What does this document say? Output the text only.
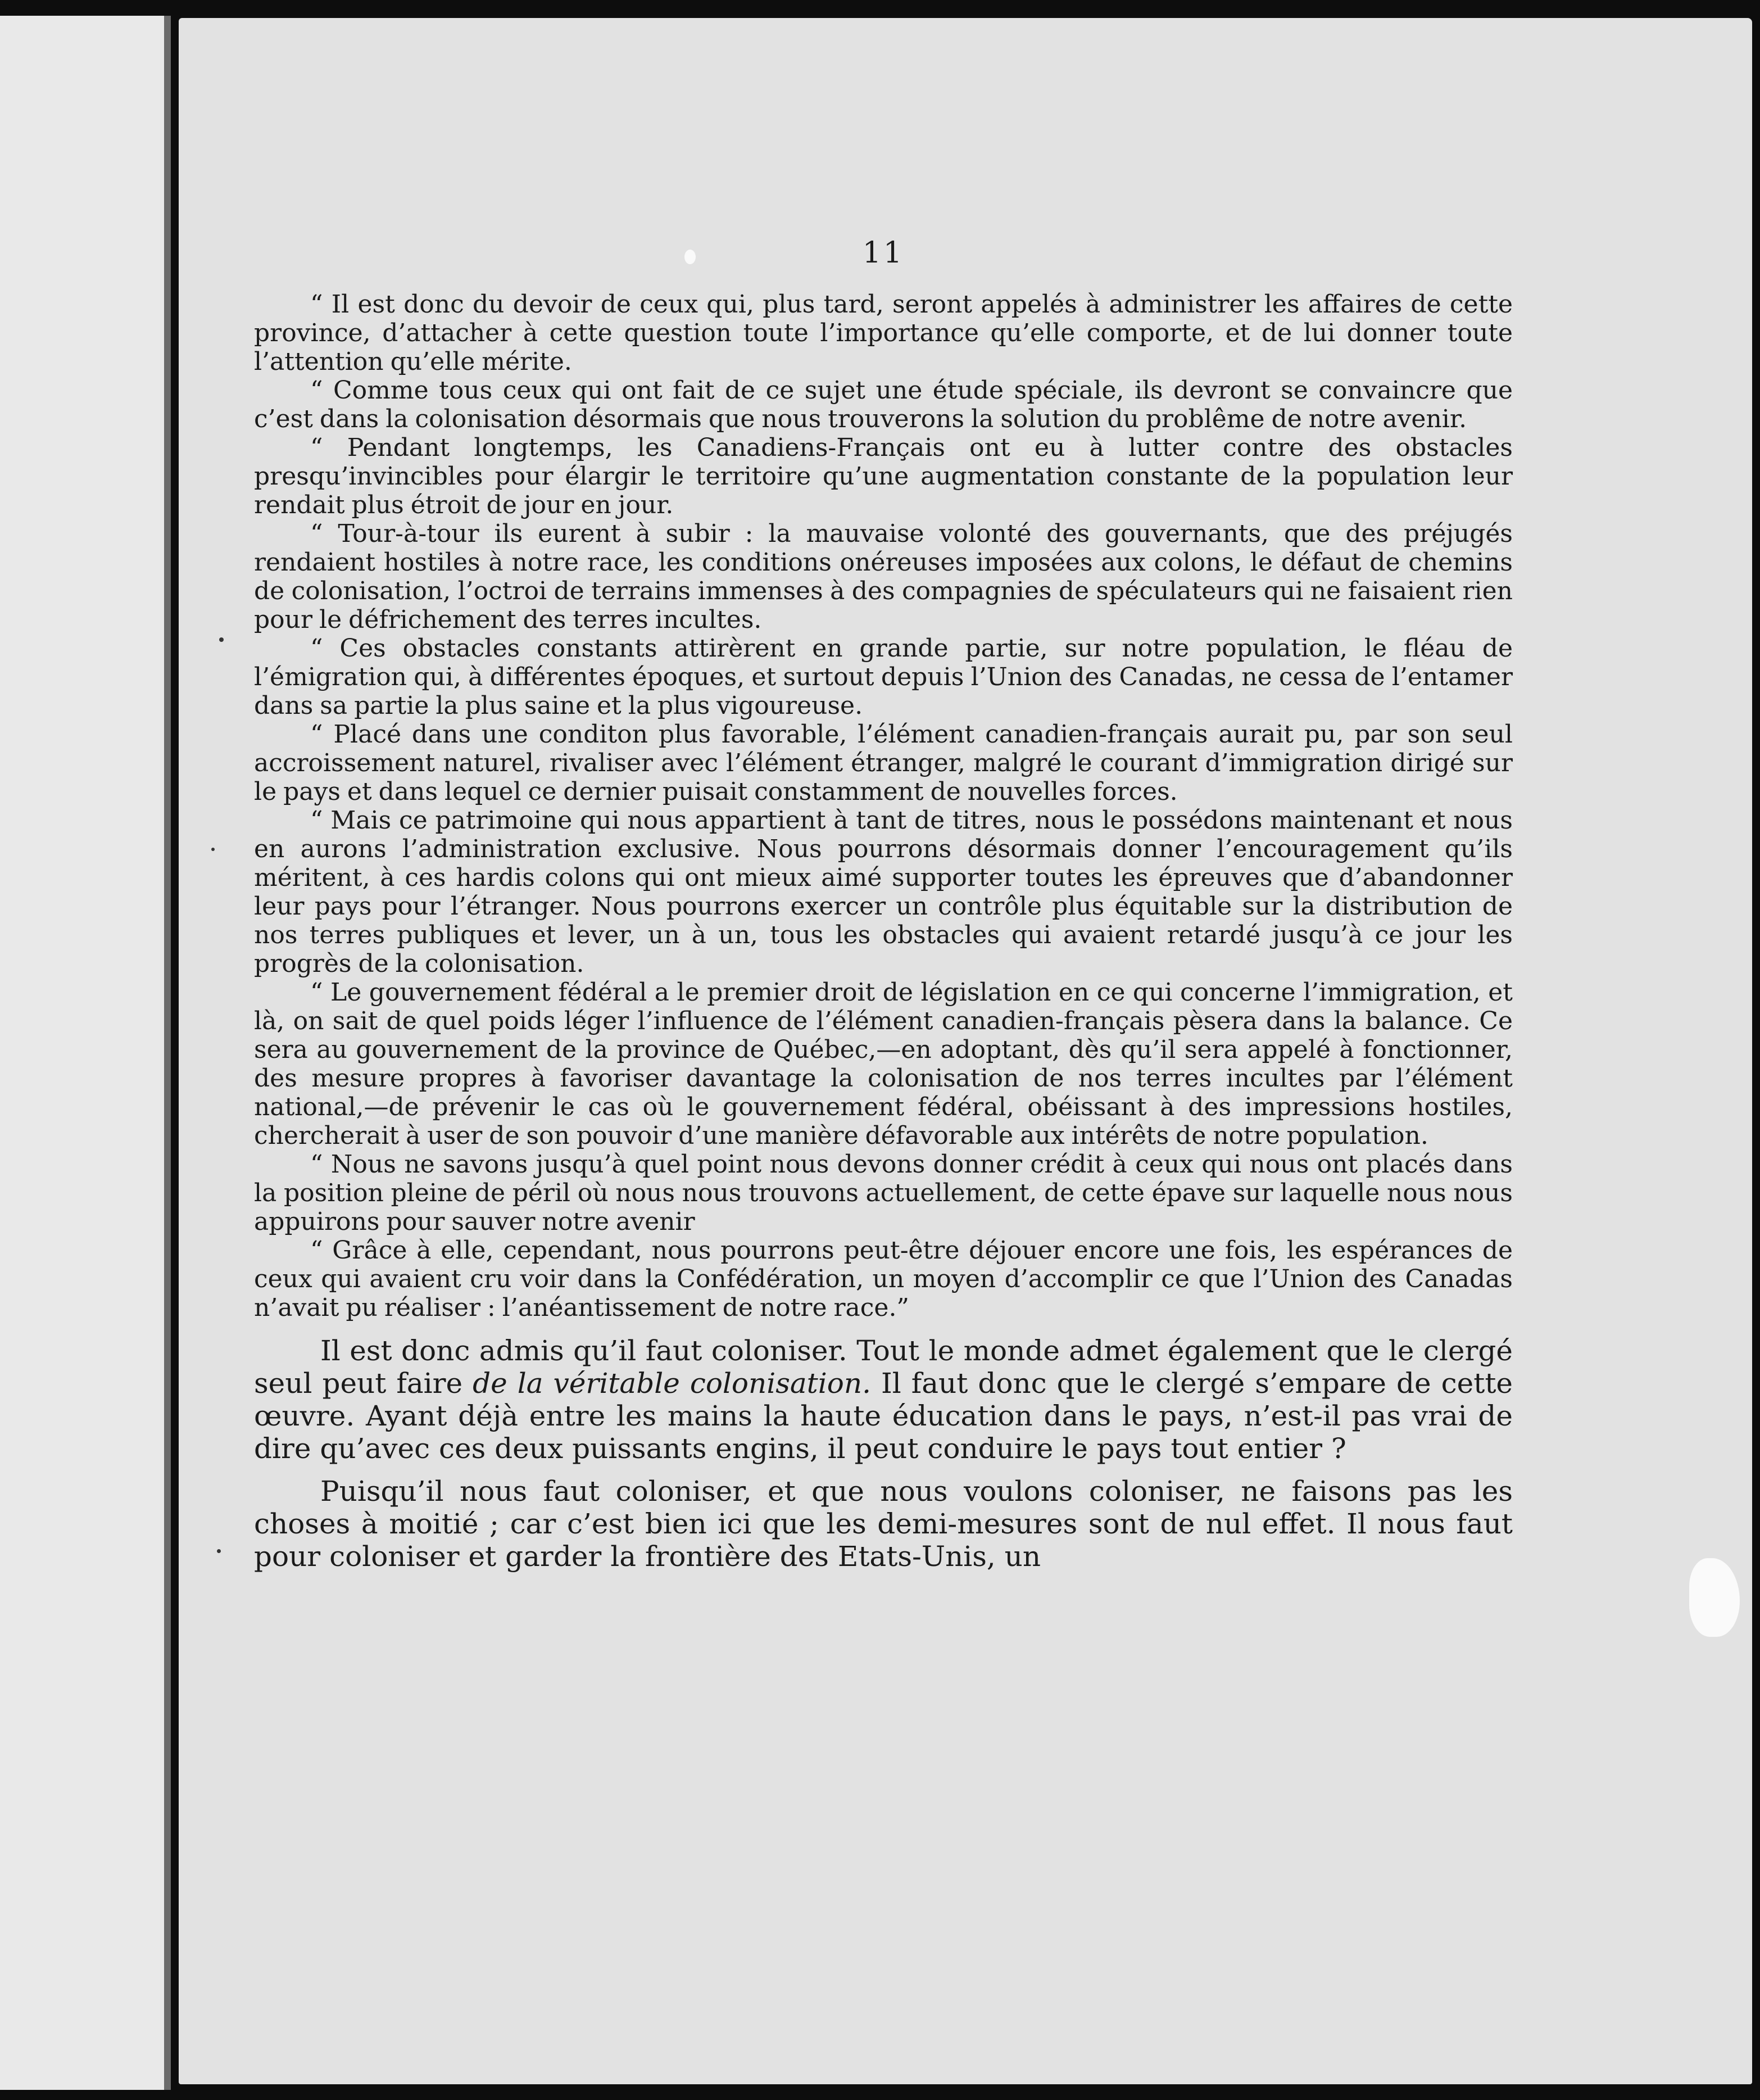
11

“ Il est donc du devoir de ceux qui, plus tard, seront appelés à administrer les affaires de cette province, d’attacher à cette question toute l’importance qu’elle comporte, et de lui donner toute l’attention qu’elle mérite.

“ Comme tous ceux qui ont fait de ce sujet une étude spéciale, ils devront se convaincre que c’est dans la colonisation désormais que nous trouverons la solution du problême de notre avenir.

“ Pendant longtemps, les Canadiens-Français ont eu à lutter contre des obstacles presqu’invincibles pour élargir le territoire qu’une augmentation constante de la population leur rendait plus étroit de jour en jour.

“ Tour-à-tour ils eurent à subir : la mauvaise volonté des gouvernants, que des préjugés rendaient hostiles à notre race, les conditions onéreuses imposées aux colons, le défaut de chemins de colonisation, l’octroi de terrains immenses à des compagnies de spéculateurs qui ne faisaient rien pour le défrichement des terres incultes.

“ Ces obstacles constants attirèrent en grande partie, sur notre population, le fléau de l’émigration qui, à différentes époques, et surtout depuis l’Union des Canadas, ne cessa de l’entamer dans sa partie la plus saine et la plus vigoureuse.

“ Placé dans une conditon plus favorable, l’élément canadien-français aurait pu, par son seul accroissement naturel, rivaliser avec l’élément étranger, malgré le courant d’immigration dirigé sur le pays et dans lequel ce dernier puisait constamment de nouvelles forces.

“ Mais ce patrimoine qui nous appartient à tant de titres, nous le possédons maintenant et nous en aurons l’administration exclusive. Nous pourrons désormais donner l’encouragement qu’ils méritent, à ces hardis colons qui ont mieux aimé supporter toutes les épreuves que d’abandonner leur pays pour l’étranger. Nous pourrons exercer un contrôle plus équitable sur la distribution de nos terres publiques et lever, un à un, tous les obstacles qui avaient retardé jusqu’à ce jour les progrès de la colonisation.

“ Le gouvernement fédéral a le premier droit de législation en ce qui concerne l’immigration, et là, on sait de quel poids léger l’influence de l’élément canadien-français pèsera dans la balance. Ce sera au gouvernement de la province de Québec,—en adoptant, dès qu’il sera appelé à fonctionner, des mesure propres à favoriser davantage la colonisation de nos terres incultes par l’élément national,—de prévenir le cas où le gouvernement fédéral, obéissant à des impressions hostiles, chercherait à user de son pouvoir d’une manière défavorable aux intérêts de notre population.

“ Nous ne savons jusqu’à quel point nous devons donner crédit à ceux qui nous ont placés dans la position pleine de péril où nous nous trouvons actuellement, de cette épave sur laquelle nous nous appuirons pour sauver notre avenir

“ Grâce à elle, cependant, nous pourrons peut-être déjouer encore une fois, les espérances de ceux qui avaient cru voir dans la Confédération, un moyen d’accomplir ce que l’Union des Canadas n’avait pu réaliser : l’anéantissement de notre race.”

Il est donc admis qu’il faut coloniser. Tout le monde admet également que le clergé seul peut faire de la véritable colonisation. Il faut donc que le clergé s’empare de cette œuvre. Ayant déjà entre les mains la haute éducation dans le pays, n’est-il pas vrai de dire qu’avec ces deux puissants engins, il peut conduire le pays tout entier ?

Puisqu’il nous faut coloniser, et que nous voulons coloniser, ne faisons pas les choses à moitié ; car c’est bien ici que les demi-mesures sont de nul effet. Il nous faut pour coloniser et garder la frontière des Etats-Unis, un
